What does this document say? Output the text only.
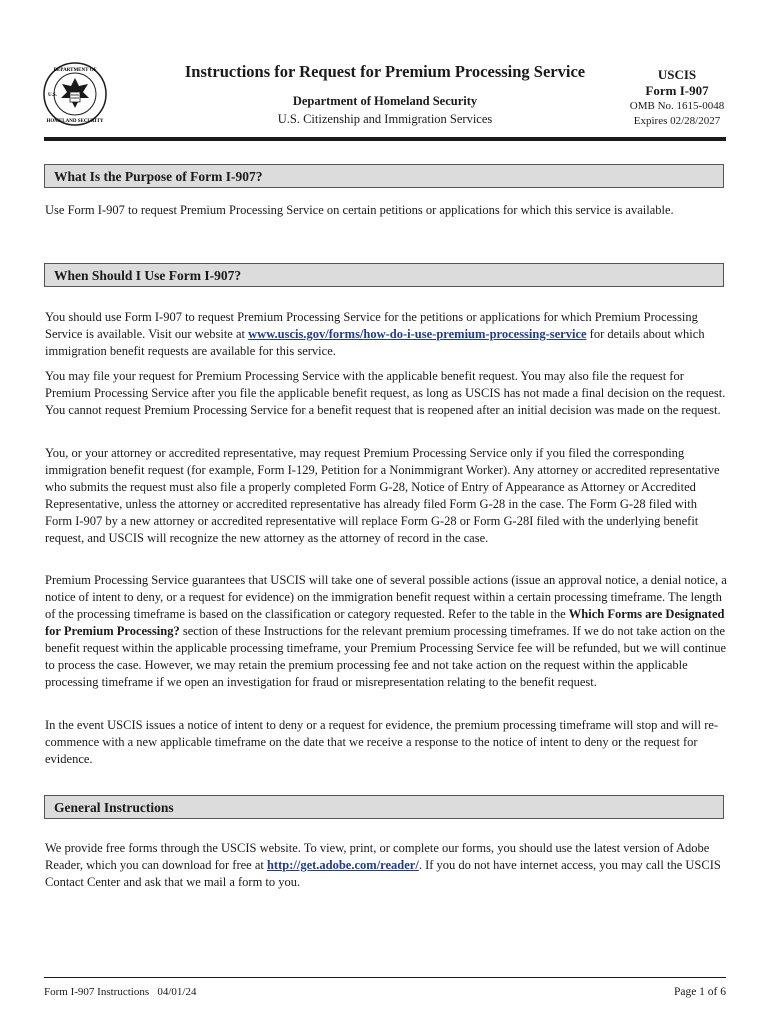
DEPARTMENT OF
HOMELAND SECURITY
U.S.
Instructions for Request for Premium Processing Service
Department of Homeland Security
U.S. Citizenship and Immigration Services
USCIS
Form I-907
OMB No. 1615-0048
Expires 02/28/2027
What Is the Purpose of Form I-907?

Use Form I-907 to request Premium Processing Service on certain petitions or applications for which this service is available.

When Should I Use Form I-907?

You should use Form I-907 to request Premium Processing Service for the petitions or applications for which Premium Processing Service is available. Visit our website at www.uscis.gov/forms/how-do-i-use-premium-processing-service for details about which immigration benefit requests are available for this service.

You may file your request for Premium Processing Service with the applicable benefit request. You may also file the request for Premium Processing Service after you file the applicable benefit request, as long as USCIS has not made a final decision on the request. You cannot request Premium Processing Service for a benefit request that is reopened after an initial decision was made on the request.

You, or your attorney or accredited representative, may request Premium Processing Service only if you filed the corresponding immigration benefit request (for example, Form I-129, Petition for a Nonimmigrant Worker). Any attorney or accredited representative who submits the request must also file a properly completed Form G-28, Notice of Entry of Appearance as Attorney or Accredited Representative, unless the attorney or accredited representative has already filed Form G-28 in the case. The Form G-28 filed with Form I-907 by a new attorney or accredited representative will replace Form G-28 or Form G-28I filed with the underlying benefit request, and USCIS will recognize the new attorney as the attorney of record in the case.

Premium Processing Service guarantees that USCIS will take one of several possible actions (issue an approval notice, a denial notice, a notice of intent to deny, or a request for evidence) on the immigration benefit request within a certain processing timeframe. The length of the processing timeframe is based on the classification or category requested. Refer to the table in the Which Forms are Designated for Premium Processing? section of these Instructions for the relevant premium processing timeframes. If we do not take action on the benefit request within the applicable processing timeframe, your Premium Processing Service fee will be refunded, but we will continue to process the case. However, we may retain the premium processing fee and not take action on the request within the applicable processing timeframe if we open an investigation for fraud or misrepresentation relating to the benefit request.

In the event USCIS issues a notice of intent to deny or a request for evidence, the premium processing timeframe will stop and will re-commence with a new applicable timeframe on the date that we receive a response to the notice of intent to deny or the request for evidence.

General Instructions

We provide free forms through the USCIS website. To view, print, or complete our forms, you should use the latest version of Adobe Reader, which you can download for free at http://get.adobe.com/reader/. If you do not have internet access, you may call the USCIS Contact Center and ask that we mail a form to you.

Form I-907 Instructions   04/01/24	Page 1 of 6
